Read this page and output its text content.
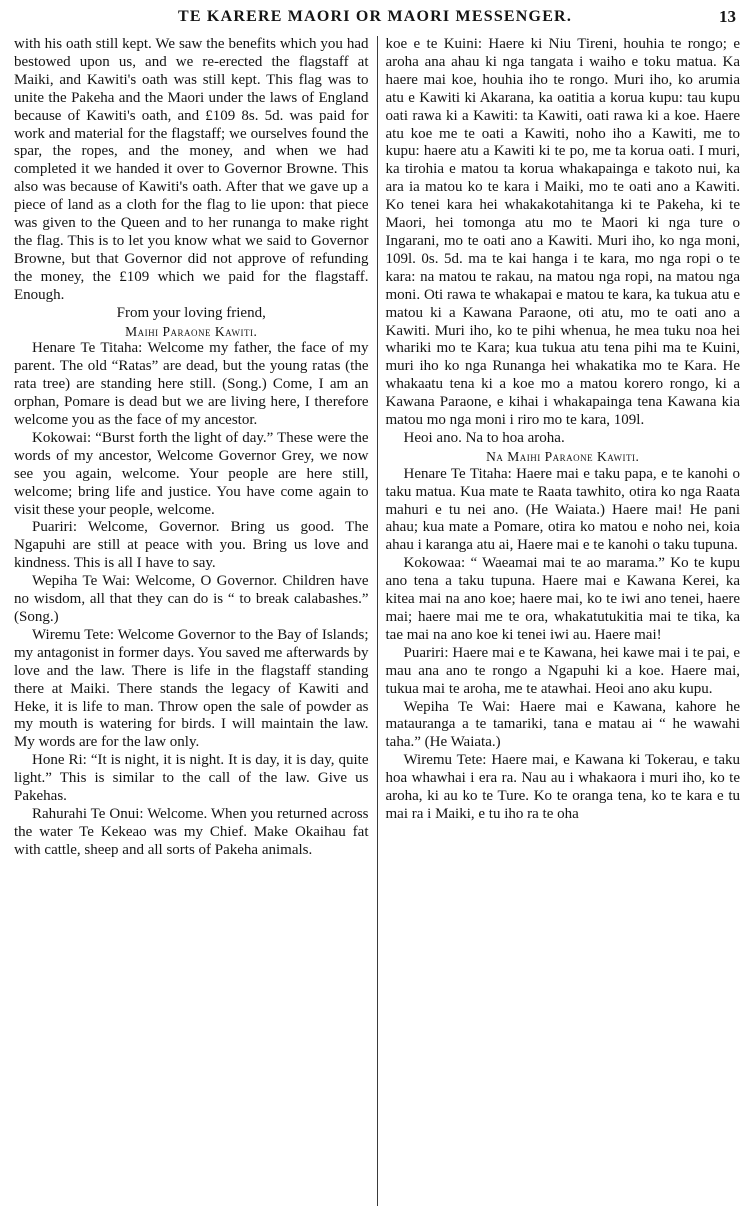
TE KARERE MAORI OR MAORI MESSENGER.	13

with his oath still kept. We saw the benefits which you had bestowed upon us, and we re-erected the flagstaff at Maiki, and Kawiti's oath was still kept. This flag was to unite the Pakeha and the Maori under the laws of England because of Kawiti's oath, and £109 8s. 5d. was paid for work and material for the flagstaff; we ourselves found the spar, the ropes, and the money, and when we had completed it we handed it over to Governor Browne. This also was because of Kawiti's oath. After that we gave up a piece of land as a cloth for the flag to lie upon: that piece was given to the Queen and to her runanga to make right the flag. This is to let you know what we said to Governor Browne, but that Governor did not approve of refunding the money, the £109 which we paid for the flagstaff. Enough.

From your loving friend,

Maihi Paraone Kawiti.

Henare Te Titaha: Welcome my father, the face of my parent. The old “Ratas” are dead, but the young ratas (the rata tree) are standing here still. (Song.) Come, I am an orphan, Pomare is dead but we are living here, I therefore welcome you as the face of my ancestor.

Kokowai: “Burst forth the light of day.” These were the words of my ancestor, Welcome Governor Grey, we now see you again, welcome. Your people are here still, welcome; bring life and justice. You have come again to visit these your people, welcome.

Puariri: Welcome, Governor. Bring us good. The Ngapuhi are still at peace with you. Bring us love and kindness. This is all I have to say.

Wepiha Te Wai: Welcome, O Governor. Children have no wisdom, all that they can do is “ to break calabashes.” (Song.)

Wiremu Tete: Welcome Governor to the Bay of Islands; my antagonist in former days. You saved me afterwards by love and the law. There is life in the flagstaff standing there at Maiki. There stands the legacy of Kawiti and Heke, it is life to man. Throw open the sale of powder as my mouth is watering for birds. I will maintain the law. My words are for the law only.

Hone Ri: “It is night, it is night. It is day, it is day, quite light.” This is similar to the call of the law. Give us Pakehas.

Rahurahi Te Onui: Welcome. When you returned across the water Te Kekeao was my Chief. Make Okaihau fat with cattle, sheep and all sorts of Pakeha animals.

koe e te Kuini: Haere ki Niu Tireni, houhia te rongo; e aroha ana ahau ki nga tangata i waiho e toku matua. Ka haere mai koe, houhia iho te rongo. Muri iho, ko arumia atu e Kawiti ki Akarana, ka oatitia a korua kupu: tau kupu oati rawa ki a Kawiti: ta Kawiti, oati rawa ki a koe. Haere atu koe me te oati a Kawiti, noho iho a Kawiti, me to kupu: haere atu a Kawiti ki te po, me ta korua oati. I muri, ka tirohia e matou ta korua whakapainga e takoto nui, ka ara ia matou ko te kara i Maiki, mo te oati ano a Kawiti. Ko tenei kara hei whakakotahitanga ki te Pakeha, ki te Maori, hei tomonga atu mo te Maori ki nga ture o Ingarani, mo te oati ano a Kawiti. Muri iho, ko nga moni, 109l. 0s. 5d. ma te kai hanga i te kara, mo nga ropi o te kara: na matou te rakau, na matou nga ropi, na matou nga moni. Oti rawa te whakapai e matou te kara, ka tukua atu e matou ki a Kawana Paraone, oti atu, mo te oati ano a Kawiti. Muri iho, ko te pihi whenua, he mea tuku noa hei whariki mo te Kara; kua tukua atu tena pihi ma te Kuini, muri iho ko nga Runanga hei whakatika mo te Kara. He whakaatu tena ki a koe mo a matou korero rongo, ki a Kawana Paraone, e kihai i whakapainga tena Kawana kia matou mo nga moni i riro mo te kara, 109l.

Heoi ano. Na to hoa aroha.

Na Maihi Paraone Kawiti.

Henare Te Titaha: Haere mai e taku papa, e te kanohi o taku matua. Kua mate te Raata tawhito, otira ko nga Raata mahuri e tu nei ano. (He Waiata.) Haere mai! He pani ahau; kua mate a Pomare, otira ko matou e noho nei, koia ahau i karanga atu ai, Haere mai e te kanohi o taku tupuna.

Kokowaa: “ Waeamai mai te ao marama.” Ko te kupu ano tena a taku tupuna. Haere mai e Kawana Kerei, ka kitea mai na ano koe; haere mai, ko te iwi ano tenei, haere mai; haere mai me te ora, whakatutukitia mai te tika, ka tae mai na ano koe ki tenei iwi au. Haere mai!

Puariri: Haere mai e te Kawana, hei kawe mai i te pai, e mau ana ano te rongo a Ngapuhi ki a koe. Haere mai, tukua mai te aroha, me te atawhai. Heoi ano aku kupu.

Wepiha Te Wai: Haere mai e Kawana, kahore he matauranga a te tamariki, tana e matau ai “ he wawahi taha.” (He Waiata.)

Wiremu Tete: Haere mai, e Kawana ki Tokerau, e taku hoa whawhai i era ra. Nau au i whakaora i muri iho, ko te aroha, ki au ko te Ture. Ko te oranga tena, ko te kara e tu mai ra i Maiki, e tu iho ra te oha
